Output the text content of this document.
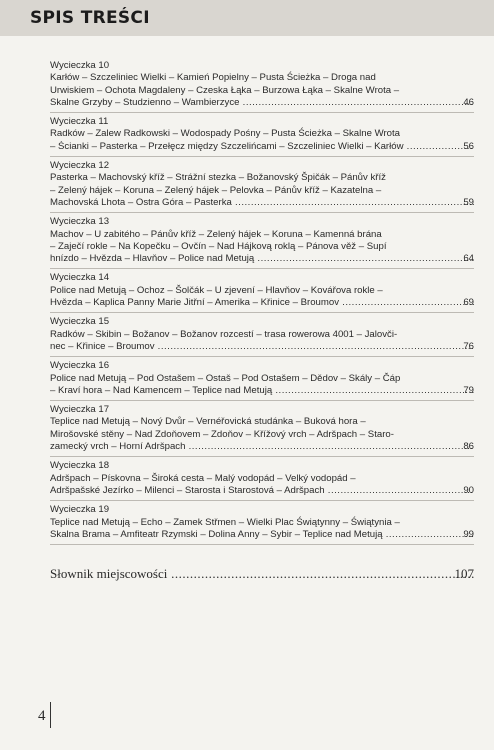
SPIS TREŚCI
Wycieczka 10
Karłów – Szczeliniec Wielki – Kamień Popielny – Pusta Ścieżka – Droga nad
Urwiskiem – Ochota Magdaleny – Czeska Łąka – Burzowa Łąka – Skalne Wrota –
46
Skalne Grzyby – Studzienno – Wambierzyce .....
Wycieczka 11
Radków – Zalew Radkowski – Wodospady Pośny – Pusta Ścieżka – Skalne Wrota
56
– Ścianki – Pasterka – Przełęcz między Szczelińcami – Szczeliniec Wielki – Karłów .....
Wycieczka 12
Pasterka – Machovský kříž – Strážní stezka – Božanovský Špičák – Pánův kříž
– Zelený hájek – Koruna – Zelený hájek – Pelovka – Pánův kříž – Kazatelna –
59
Machovská Lhota – Ostra Góra – Pasterka .....
Wycieczka 13
Machov – U zabitého – Pánův kříž – Zelený hájek – Koruna – Kamenná brána
– Zaječí rokle – Na Kopečku – Ovčín – Nad Hájkovą roklą – Pánova věž – Supí
64
hnízdo – Hvězda – Hlavňov – Police nad Metują .....
Wycieczka 14
Police nad Metują – Ochoz – Šolčák – U zjevení – Hlavňov – Kovářova rokle –
69
Hvězda – Kaplica Panny Marie Jitřní – Amerika – Křinice – Broumov .....
Wycieczka 15
Radków – Skibin – Božanov – Božanov rozcestí – trasa rowerowa 4001 – Jalovči-
76
nec – Křinice – Broumov .....
Wycieczka 16
Police nad Metują – Pod Ostašem – Ostaš – Pod Ostašem – Dědov – Skály – Čáp
79
– Kraví hora – Nad Kamencem – Teplice nad Metują .....
Wycieczka 17
Teplice nad Metują – Nový Dvůr – Vernéřovická studánka – Buková hora –
Mirošovské stěny – Nad Zdoňovem – Zdoňov – Křížový vrch – Adršpach – Staro-
86
zamecký vrch – Horní Adršpach .....
Wycieczka 18
Adršpach – Pískovna – Široká cesta – Malý vodopád – Velký vodopád –
90
Adršpašské Jezírko – Milenci – Starosta i Starostová – Adršpach .....
Wycieczka 19
Teplice nad Metują – Echo – Zamek Střmen – Wielki Plac Świątynny – Świątynia –
99
Skalna Brama – Amfiteatr Rzymski – Dolina Anny – Sybir – Teplice nad Metują .....
107
Słownik miejscowości .....
4
